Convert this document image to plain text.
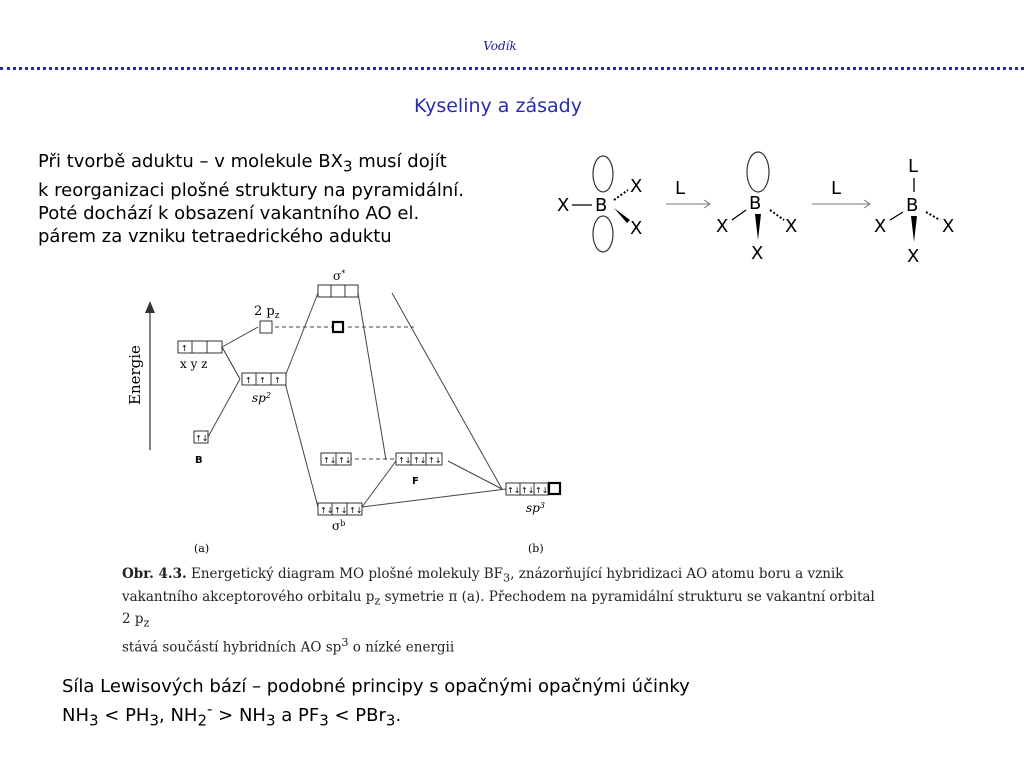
Vodík
Kyseliny a zásady
Při tvorbě aduktu – v molekule $BX_3$ musí dojít
k reorganizaci plošné struktury na pyramidální.
Poté dochází k obsazení vakantního AO el.
párem za vzniku tetraedrického aduktu
X B
X
X
L
B
X	X
X
L
L
B
X	X
X
Energie
σ*
2 $p_z$
↑
x y z
↑ ↑ ↑
$sp^2$
↑↓
B	↑↓ ↑↓	↑↓ ↑↓ ↑↓
F
↑↓ ↑↓ ↑↓
$\sigma^b$
↑↓ ↑↓ ↑↓
$sp^3$
(a)	(b)
Obr. 4.3. Energetický diagram MO plošné molekuly $BF_3$, znázorňující hybridizaci AO atomu boru a vznik
vakantního akceptorového orbitalu $p_z$ symetrie π (a). Přechodem na pyramidální strukturu se vakantní orbital 2 $p_z$
stává součástí hybridních AO $sp^3$ o nízké energii
Síla Lewisových bází – podobné principy s opačnými opačnými účinky
$NH_3 < PH_3$, $NH_2^- > NH_3$ a $PF_3 < PBr_3$.
